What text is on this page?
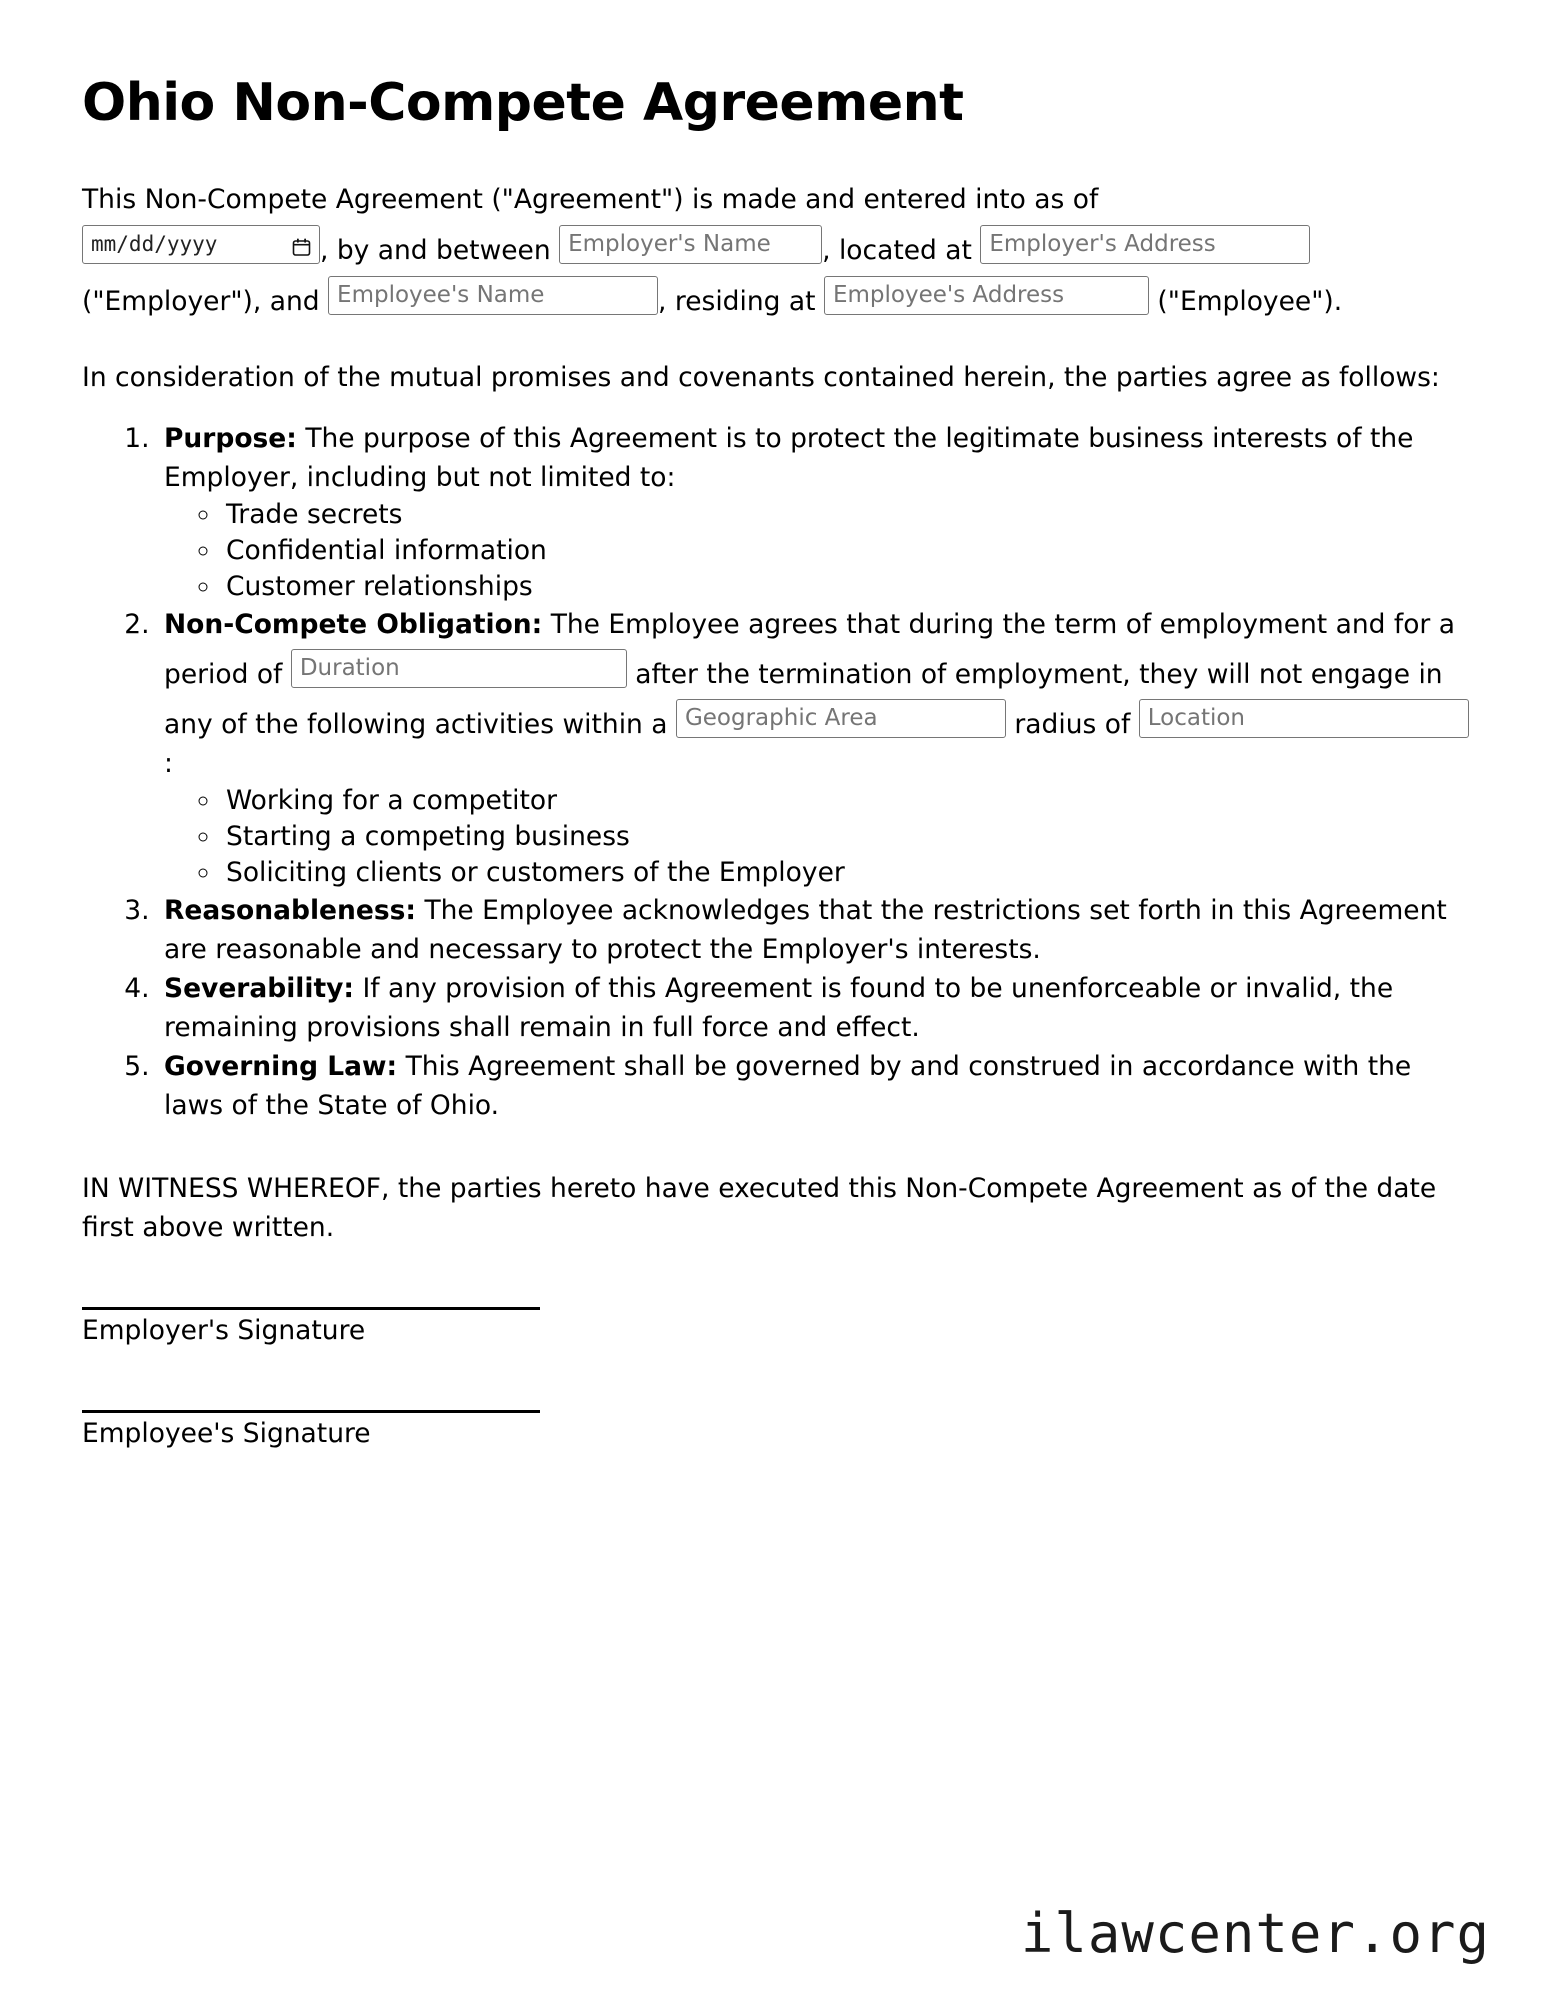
Ohio Non-Compete Agreement

This Non-Compete Agreement ("Agreement") is made and entered into as of
mm/dd/yyyy	, by and between Employer's Name , located at Employer's Address
("Employer"), and Employee's Name	, residing at Employee's Address	("Employee").

In consideration of the mutual promises and covenants contained herein, the parties agree as follows:

1. Purpose: The purpose of this Agreement is to protect the legitimate business interests of the Employer, including but not limited to:
◦ Trade secrets
◦ Confidential information
◦ Customer relationships
2. Non-Compete Obligation: The Employee agrees that during the term of employment and for a period of Duration	after the termination of employment, they will not engage in any of the following activities within a Geographic Area	radius of Location:
◦ Working for a competitor
◦ Starting a competing business
◦ Soliciting clients or customers of the Employer
3. Reasonableness: The Employee acknowledges that the restrictions set forth in this Agreement are reasonable and necessary to protect the Employer's interests.
4. Severability: If any provision of this Agreement is found to be unenforceable or invalid, the remaining provisions shall remain in full force and effect.
5. Governing Law: This Agreement shall be governed by and construed in accordance with the laws of the State of Ohio.

IN WITNESS WHEREOF, the parties hereto have executed this Non-Compete Agreement as of the date first above written.

Employer's Signature
Employee's Signature
ilawcenter.org
